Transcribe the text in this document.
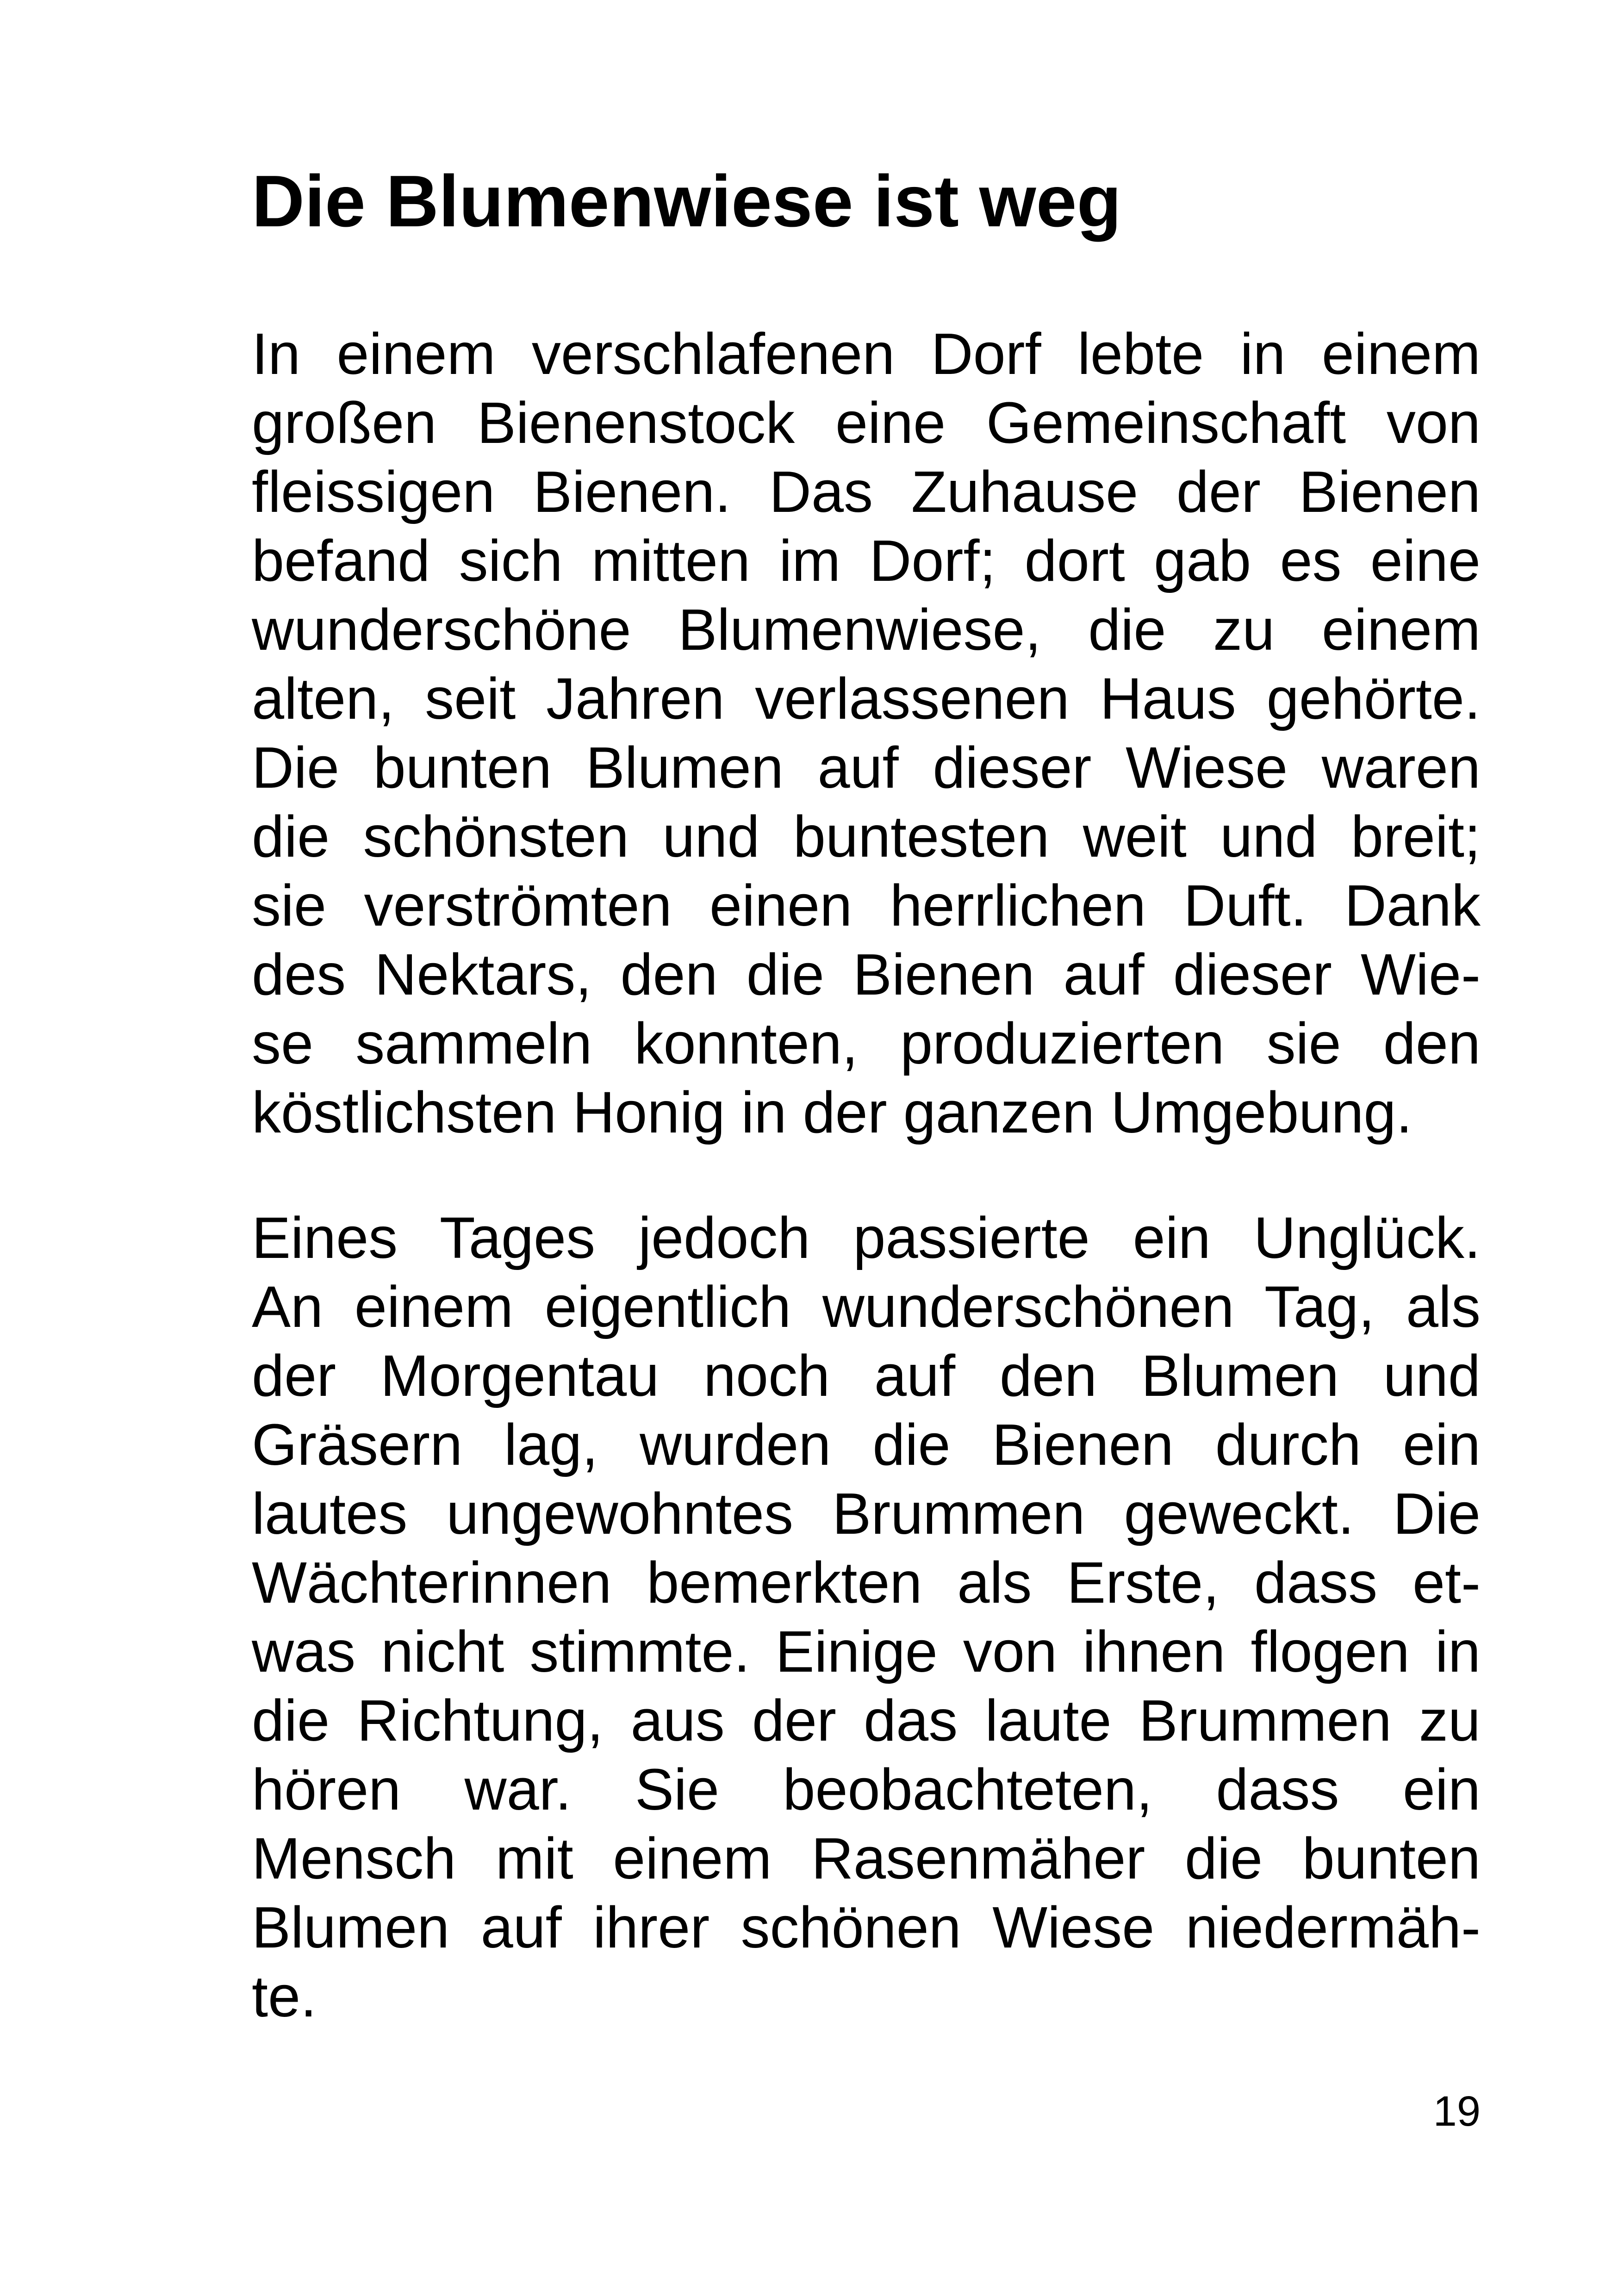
Die Blumenwiese ist weg
In einem verschlafenen Dorf lebte in einem
großen Bienenstock eine Gemeinschaft von
fleissigen Bienen. Das Zuhause der Bienen
befand sich mitten im Dorf; dort gab es eine
wunderschöne Blumenwiese, die zu einem
alten, seit Jahren verlassenen Haus gehörte.
Die bunten Blumen auf dieser Wiese waren
die schönsten und buntesten weit und breit;
sie verströmten einen herrlichen Duft. Dank
des Nektars, den die Bienen auf dieser Wie-
se sammeln konnten, produzierten sie den
köstlichsten Honig in der ganzen Umgebung.
Eines Tages jedoch passierte ein Unglück.
An einem eigentlich wunderschönen Tag, als
der Morgentau noch auf den Blumen und
Gräsern lag, wurden die Bienen durch ein
lautes ungewohntes Brummen geweckt. Die
Wächterinnen bemerkten als Erste, dass et-
was nicht stimmte. Einige von ihnen flogen in
die Richtung, aus der das laute Brummen zu
hören war. Sie beobachteten, dass ein
Mensch mit einem Rasenmäher die bunten
Blumen auf ihrer schönen Wiese niedermäh-
te.
19
